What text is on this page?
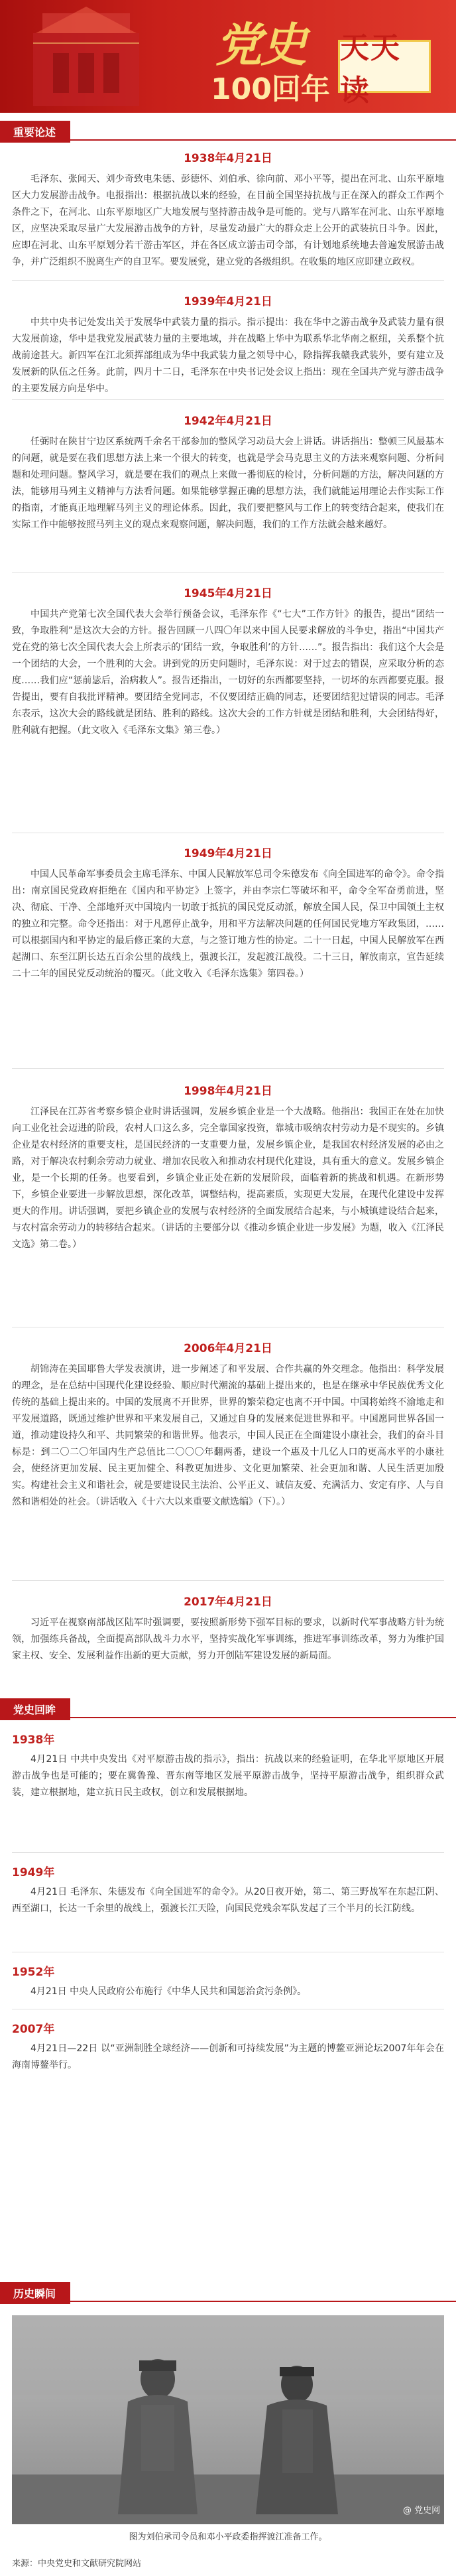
党史
100回年
天天读
重要论述
1938年4月21日

毛泽东、张闻天、刘少奇致电朱德、彭德怀、刘伯承、徐向前、邓小平等，提出在河北、山东平原地区大力发展游击战争。电报指出：根据抗战以来的经验，在目前全国坚持抗战与正在深入的群众工作两个条件之下，在河北、山东平原地区广大地发展与坚持游击战争是可能的。党与八路军在河北、山东平原地区，应坚决采取尽量广大发展游击战争的方针，尽量发动最广大的群众走上公开的武装抗日斗争。因此，应即在河北、山东平原划分若干游击军区，并在各区成立游击司令部，有计划地系统地去普遍发展游击战争，并广泛组织不脱离生产的自卫军。要发展党，建立党的各级组织。在收集的地区应即建立政权。

1939年4月21日

中共中央书记处发出关于发展华中武装力量的指示。指示提出：我在华中之游击战争及武装力量有很大发展前途，华中是我党发展武装力量的主要地域，并在战略上华中为联系华北华南之枢纽，关系整个抗战前途甚大。新四军在江北须挥部组成为华中我武装力量之领导中心，除指挥我赣我武装外，要有建立及发展新的队伍之任务。此前，四月十二日，毛泽东在中央书记处会议上指出：现在全国共产党与游击战争的主要发展方向是华中。

1942年4月21日

任弼时在陕甘宁边区系统两千余名干部参加的整风学习动员大会上讲话。讲话指出：整顿三风最基本的问题，就是要在我们思想方法上来一个很大的转变，也就是学会马克思主义的方法来观察问题、分析问题和处理问题。整风学习，就是要在我们的观点上来做一番彻底的检讨，分析问题的方法，解决问题的方法，能够用马列主义精神与方法看问题。如果能够掌握正确的思想方法，我们就能运用理论去作实际工作的指南，才能真正地理解马列主义的理论体系。因此，我们要把整风与工作上的转变结合起来，使我们在实际工作中能够按照马列主义的观点来观察问题，解决问题，我们的工作方法就会越来越好。

1945年4月21日

中国共产党第七次全国代表大会举行预备会议，毛泽东作《“七大”工作方针》的报告，提出“团结一致，争取胜利”是这次大会的方针。报告回顾一八四〇年以来中国人民要求解放的斗争史，指出“中国共产党在党的第七次全国代表大会上所表示的‘团结一致，争取胜利’的方针……”。报告指出：我们这个大会是一个团结的大会，一个胜利的大会。讲到党的历史问题时，毛泽东说：对于过去的错误，应采取分析的态度……我们应“惩前毖后，治病救人”。报告还指出，一切好的东西都要坚持，一切坏的东西都要克服。报告提出，要有自我批评精神。要团结全党同志，不仅要团结正确的同志，还要团结犯过错误的同志。毛泽东表示，这次大会的路线就是团结、胜利的路线。这次大会的工作方针就是团结和胜利，大会团结得好，胜利就有把握。（此文收入《毛泽东文集》第三卷。）

1949年4月21日

中国人民革命军事委员会主席毛泽东、中国人民解放军总司令朱德发布《向全国进军的命令》。命令指出：南京国民党政府拒绝在《国内和平协定》上签字，并由李宗仁等破坏和平，命令全军奋勇前进，坚决、彻底、干净、全部地歼灭中国境内一切敢于抵抗的国民党反动派，解放全国人民，保卫中国领土主权的独立和完整。命令还指出：对于凡愿停止战争，用和平方法解决问题的任何国民党地方军政集团，……可以根据国内和平协定的最后修正案的大意，与之签订地方性的协定。二十一日起，中国人民解放军在西起湖口、东至江阴长达五百余公里的战线上，强渡长江，发起渡江战役。二十三日，解放南京，宣告延续二十二年的国民党反动统治的覆灭。（此文收入《毛泽东选集》第四卷。）

1998年4月21日

江泽民在江苏省考察乡镇企业时讲话强调，发展乡镇企业是一个大战略。他指出：我国正在处在加快向工业化社会迈进的阶段，农村人口这么多，完全靠国家投资，靠城市吸纳农村劳动力是不现实的。乡镇企业是农村经济的重要支柱，是国民经济的一支重要力量，发展乡镇企业，是我国农村经济发展的必由之路，对于解决农村剩余劳动力就业、增加农民收入和推动农村现代化建设，具有重大的意义。发展乡镇企业，是一个长期的任务。也要看到，乡镇企业正处在新的发展阶段，面临着新的挑战和机遇。在新形势下，乡镇企业要进一步解放思想，深化改革，调整结构，提高素质，实现更大发展，在现代化建设中发挥更大的作用。讲话强调，要把乡镇企业的发展与农村经济的全面发展结合起来，与小城镇建设结合起来，与农村富余劳动力的转移结合起来。（讲话的主要部分以《推动乡镇企业进一步发展》为题，收入《江泽民文选》第二卷。）

2006年4月21日

胡锦涛在美国耶鲁大学发表演讲，进一步阐述了和平发展、合作共赢的外交理念。他指出：科学发展的理念，是在总结中国现代化建设经验、顺应时代潮流的基础上提出来的，也是在继承中华民族优秀文化传统的基础上提出来的。中国的发展离不开世界，世界的繁荣稳定也离不开中国。中国将始终不渝地走和平发展道路，既通过维护世界和平来发展自己，又通过自身的发展来促进世界和平。中国愿同世界各国一道，推动建设持久和平、共同繁荣的和谐世界。他表示，中国人民正在全面建设小康社会，我们的奋斗目标是：到二〇二〇年国内生产总值比二〇〇〇年翻两番，建设一个惠及十几亿人口的更高水平的小康社会，使经济更加发展、民主更加健全、科教更加进步、文化更加繁荣、社会更加和谐、人民生活更加殷实。构建社会主义和谐社会，就是要建设民主法治、公平正义、诚信友爱、充满活力、安定有序、人与自然和谐相处的社会。（讲话收入《十六大以来重要文献选编》（下）。）

2017年4月21日

习近平在视察南部战区陆军时强调要，要按照新形势下强军目标的要求，以新时代军事战略方针为统领，加强练兵备战，全面提高部队战斗力水平，坚持实战化军事训练，推进军事训练改革，努力为维护国家主权、安全、发展利益作出新的更大贡献，努力开创陆军建设发展的新局面。

党史回眸
1938年

4月21日 中共中央发出《对平原游击战的指示》，指出：抗战以来的经验证明，在华北平原地区开展游击战争也是可能的；要在冀鲁豫、晋东南等地区发展平原游击战争，坚持平原游击战争，组织群众武装，建立根据地，建立抗日民主政权，创立和发展根据地。

1949年

4月21日 毛泽东、朱德发布《向全国进军的命令》。从20日夜开始，第二、第三野战军在东起江阴、西至湖口，长达一千余里的战线上，强渡长江天险，向国民党残余军队发起了三个半月的长江防线。

1952年

4月21日 中央人民政府公布施行《中华人民共和国惩治贪污条例》。

2007年

4月21日—22日 以“亚洲制胜全球经济——创新和可持续发展”为主题的博鳌亚洲论坛2007年年会在海南博鳌举行。

历史瞬间
@ 党史网
图为刘伯承司令员和邓小平政委指挥渡江准备工作。
来源：中央党史和文献研究院网站
